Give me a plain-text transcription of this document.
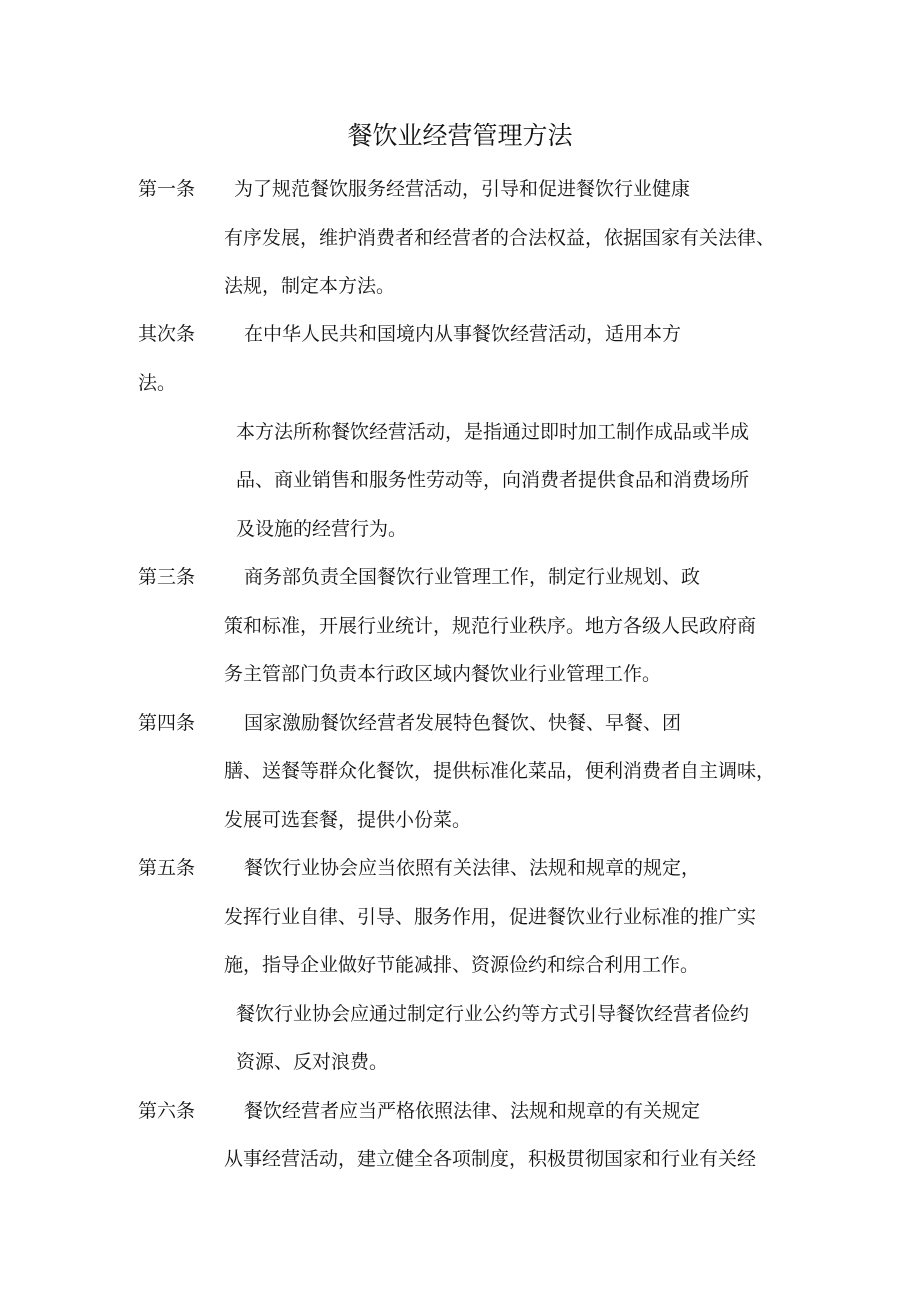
餐饮业经营管理方法
第一条 为了规范餐饮服务经营活动，引导和促进餐饮行业健康
有序发展，维护消费者和经营者的合法权益，依据国家有关法律、
法规，制定本方法。
其次条	在中华人民共和国境内从事餐饮经营活动，适用本方
法。
本方法所称餐饮经营活动，是指通过即时加工制作成品或半成
品、商业销售和服务性劳动等，向消费者提供食品和消费场所
及设施的经营行为。
第三条	商务部负责全国餐饮行业管理工作，制定行业规划、政
策和标准，开展行业统计，规范行业秩序。地方各级人民政府商
务主管部门负责本行政区域内餐饮业行业管理工作。
第四条	国家激励餐饮经营者发展特色餐饮、快餐、早餐、团
膳、送餐等群众化餐饮，提供标准化菜品，便利消费者自主调味，
发展可选套餐，提供小份菜。
第五条	餐饮行业协会应当依照有关法律、法规和规章的规定，
发挥行业自律、引导、服务作用，促进餐饮业行业标准的推广实
施，指导企业做好节能减排、资源俭约和综合利用工作。
餐饮行业协会应通过制定行业公约等方式引导餐饮经营者俭约
资源、反对浪费。
第六条	餐饮经营者应当严格依照法律、法规和规章的有关规定
从事经营活动，建立健全各项制度，积极贯彻国家和行业有关经
